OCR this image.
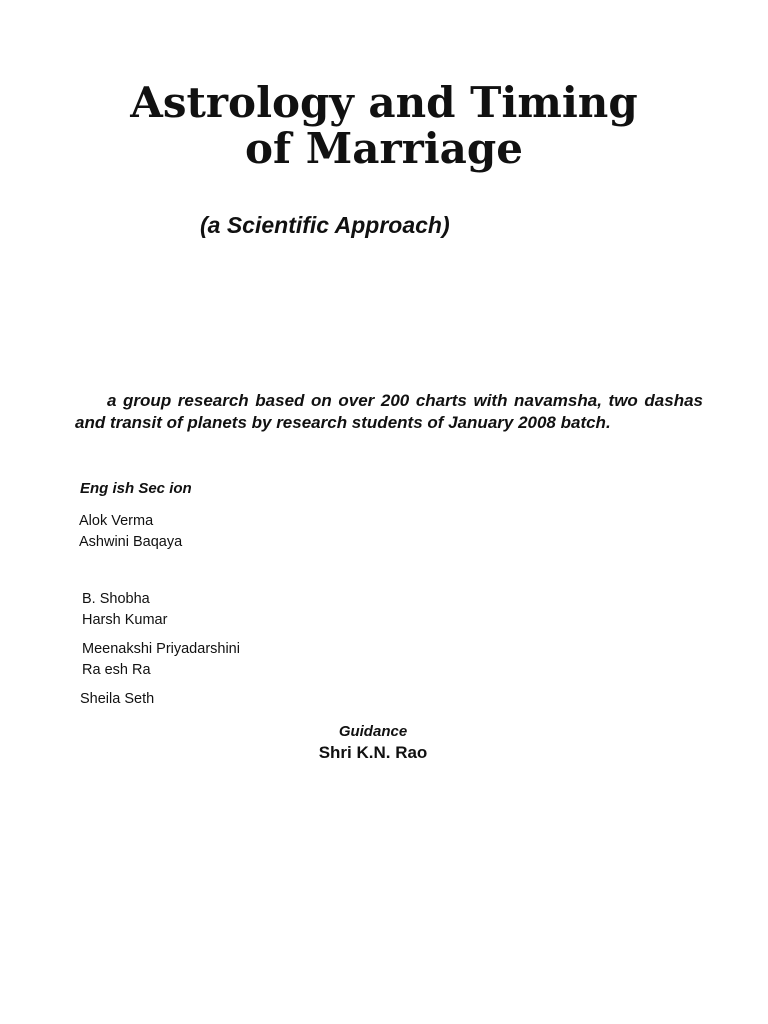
Astrology and Timing
of Marriage
(a Scientific Approach)
a group research based on over 200 charts with navamsha, two dashas and transit of planets by research students of January 2008 batch.
Eng ish Sec ion
Alok Verma
Ashwini Baqaya
B. Shobha
Harsh Kumar
Meenakshi Priyadarshini
Ra esh Ra
Sheila Seth
Guidance
Shri K.N. Rao
